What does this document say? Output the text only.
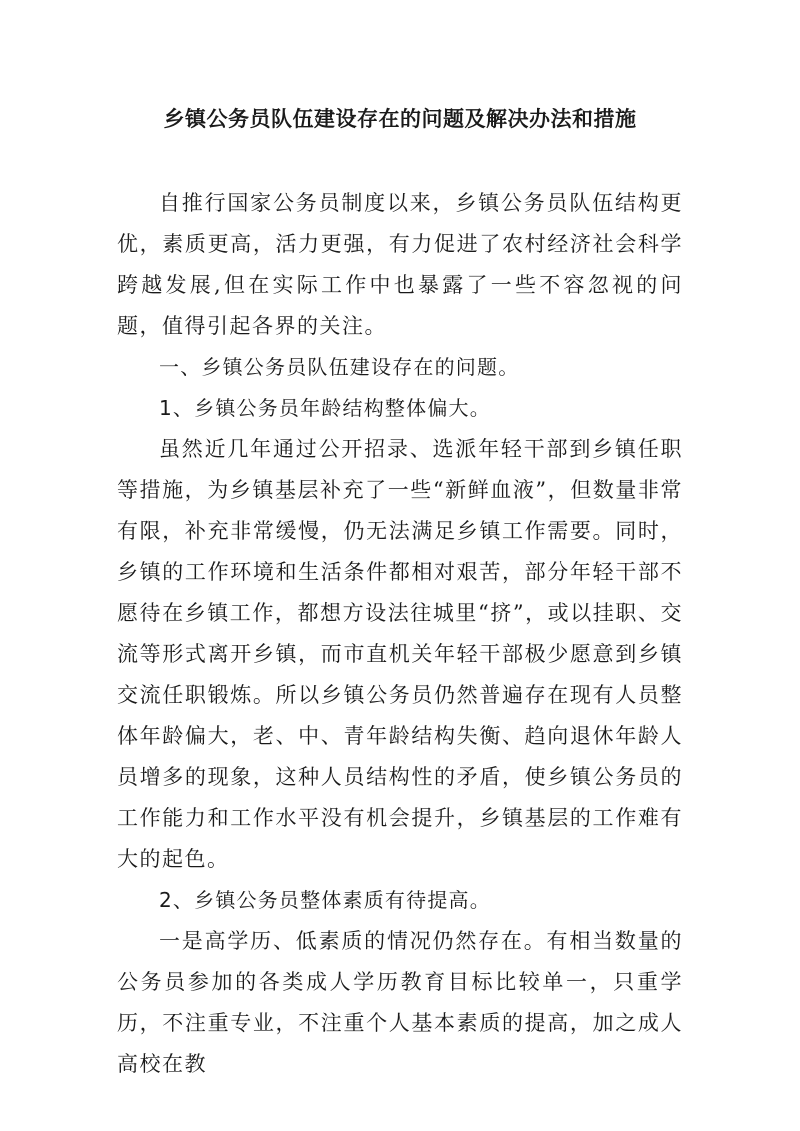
乡镇公务员队伍建设存在的问题及解决办法和措施

自推行国家公务员制度以来，乡镇公务员队伍结构更优，素质更高，活力更强，有力促进了农村经济社会科学跨越发展,但在实际工作中也暴露了一些不容忽视的问题，值得引起各界的关注。

一、乡镇公务员队伍建设存在的问题。

1、乡镇公务员年龄结构整体偏大。

虽然近几年通过公开招录、选派年轻干部到乡镇任职等措施，为乡镇基层补充了一些“新鲜血液”，但数量非常有限，补充非常缓慢，仍无法满足乡镇工作需要。同时，乡镇的工作环境和生活条件都相对艰苦，部分年轻干部不愿待在乡镇工作，都想方设法往城里“挤”，或以挂职、交流等形式离开乡镇，而市直机关年轻干部极少愿意到乡镇交流任职锻炼。所以乡镇公务员仍然普遍存在现有人员整体年龄偏大，老、中、青年龄结构失衡、趋向退休年龄人员增多的现象，这种人员结构性的矛盾，使乡镇公务员的工作能力和工作水平没有机会提升，乡镇基层的工作难有大的起色。

2、乡镇公务员整体素质有待提高。

一是高学历、低素质的情况仍然存在。有相当数量的公务员参加的各类成人学历教育目标比较单一，只重学历，不注重专业，不注重个人基本素质的提高，加之成人高校在教
